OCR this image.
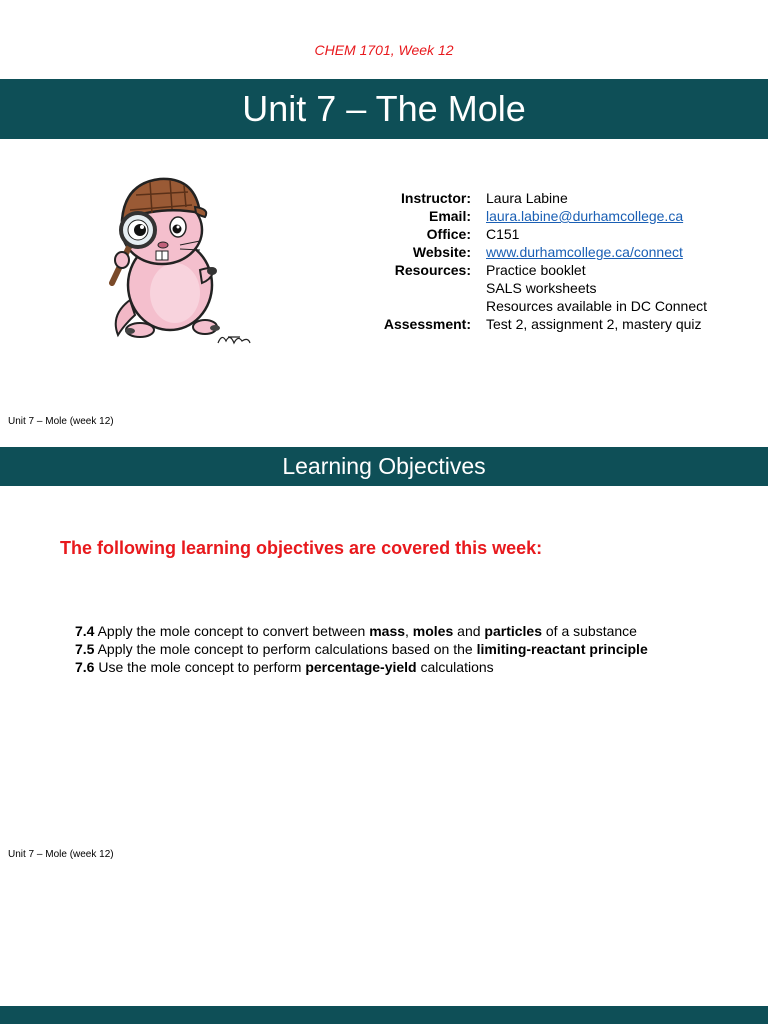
CHEM 1701, Week 12
Unit 7 – The Mole
Instructor:	Laura Labine
Email:	laura.labine@durhamcollege.ca
Office:	C151
Website:	www.durhamcollege.ca/connect
Resources:	Practice booklet
	SALS worksheets
	Resources available in DC Connect
Assessment:	Test 2, assignment 2, mastery quiz
Unit 7 – Mole (week 12)
Learning Objectives
The following learning objectives are covered this week:
7.4 Apply the mole concept to convert between mass, moles and particles of a substance
7.5 Apply the mole concept to perform calculations based on the limiting-reactant principle
7.6 Use the mole concept to perform percentage-yield calculations
Unit 7 – Mole (week 12)
